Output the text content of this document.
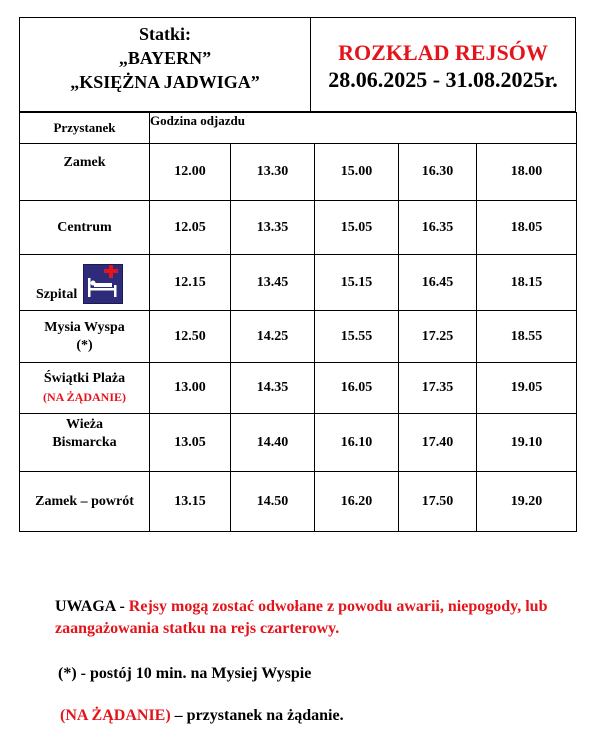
Statki:
„BAYERN”
„KSIĘŻNA JADWIGA”
ROZKŁAD REJSÓW
28.06.2025 - 31.08.2025r.
Przystanek	Godzina odjazdu				
Zamek	12.00	13.30	15.00	16.30	18.00
Centrum	12.05	13.35	15.05	16.35	18.05
Szpital	12.15	13.45	15.15	16.45	18.15

Mysia Wyspa
(*)	12.50	14.25	15.55	17.25	18.55

Świątki Plaża
(NA ŻĄDANIE)	13.00	14.35	16.05	17.35	19.05

Wieża
Bismarcka	13.05	14.40	16.10	17.40	19.10
Zamek – powrót	13.15	14.50	16.20	17.50	19.20
UWAGA - Rejsy mogą zostać odwołane z powodu awarii, niepogody, lub zaangażowania statku na rejs czarterowy.
(*) - postój 10 min. na Mysiej Wyspie
(NA ŻĄDANIE) – przystanek na żądanie.
